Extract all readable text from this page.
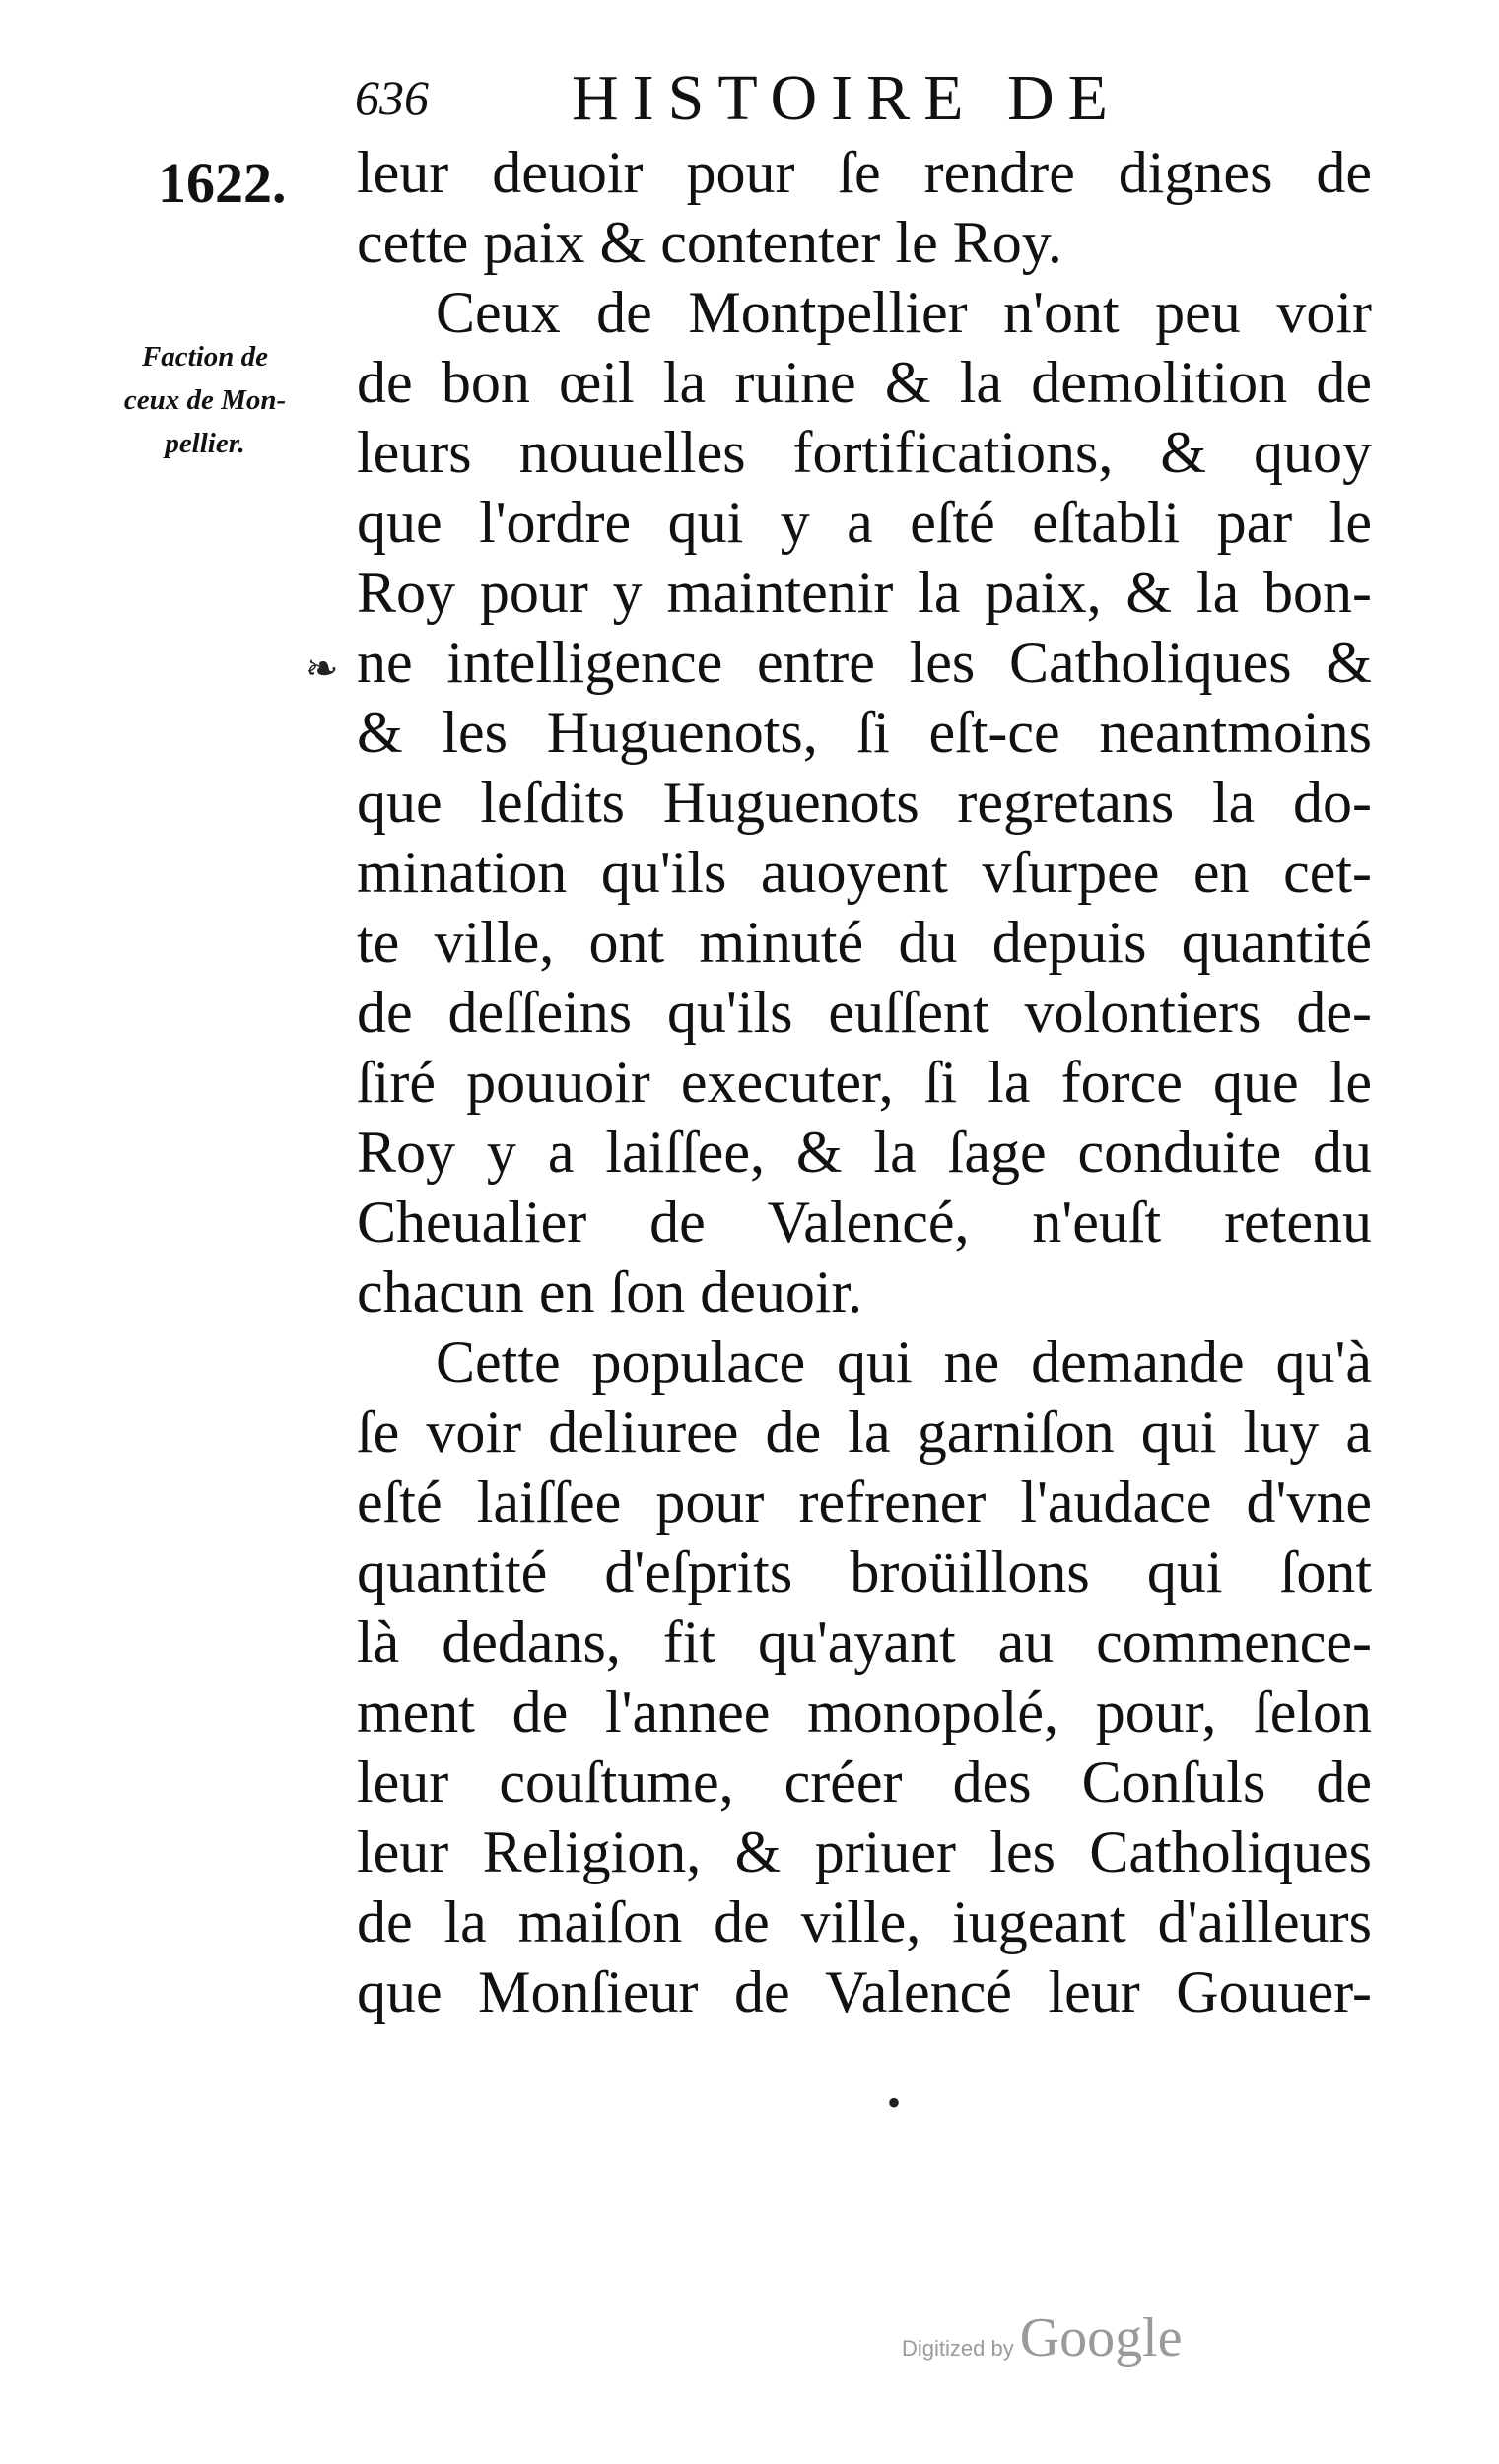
636 HISTOIRE DE
1622.
Faction de
ceux de Mon-
pellier.
leur deuoir pour ſe rendre dignes de
cette paix & contenter le Roy.
Ceux de Montpellier n'ont peu voir
de bon œil la ruine & la demolition de
leurs nouuelles fortifications, & quoy
que l'ordre qui y a eſté eſtabli par le
Roy pour y maintenir la paix, & la bon-
ne intelligence entre les Catholiques &
& les Huguenots, ſi eſt-ce neantmoins
que leſdits Huguenots regretans la do-
mination qu'ils auoyent vſurpee en cet-
te ville, ont minuté du depuis quantité
de deſſeins qu'ils euſſent volontiers de-
ſiré pouuoir executer, ſi la force que le
Roy y a laiſſee, & la ſage conduite du
Cheualier de Valencé, n'euſt retenu
chacun en ſon deuoir.
Cette populace qui ne demande qu'à
ſe voir deliuree de la garniſon qui luy a
eſté laiſſee pour refrener l'audace d'vne
quantité d'eſprits broüillons qui ſont
là dedans, fit qu'ayant au commence-
ment de l'annee monopolé, pour, ſelon
leur couſtume, créer des Conſuls de
leur Religion, & priuer les Catholiques
de la maiſon de ville, iugeant d'ailleurs
que Monſieur de Valencé leur Gouuer-
❧
•
Digitized by Google
